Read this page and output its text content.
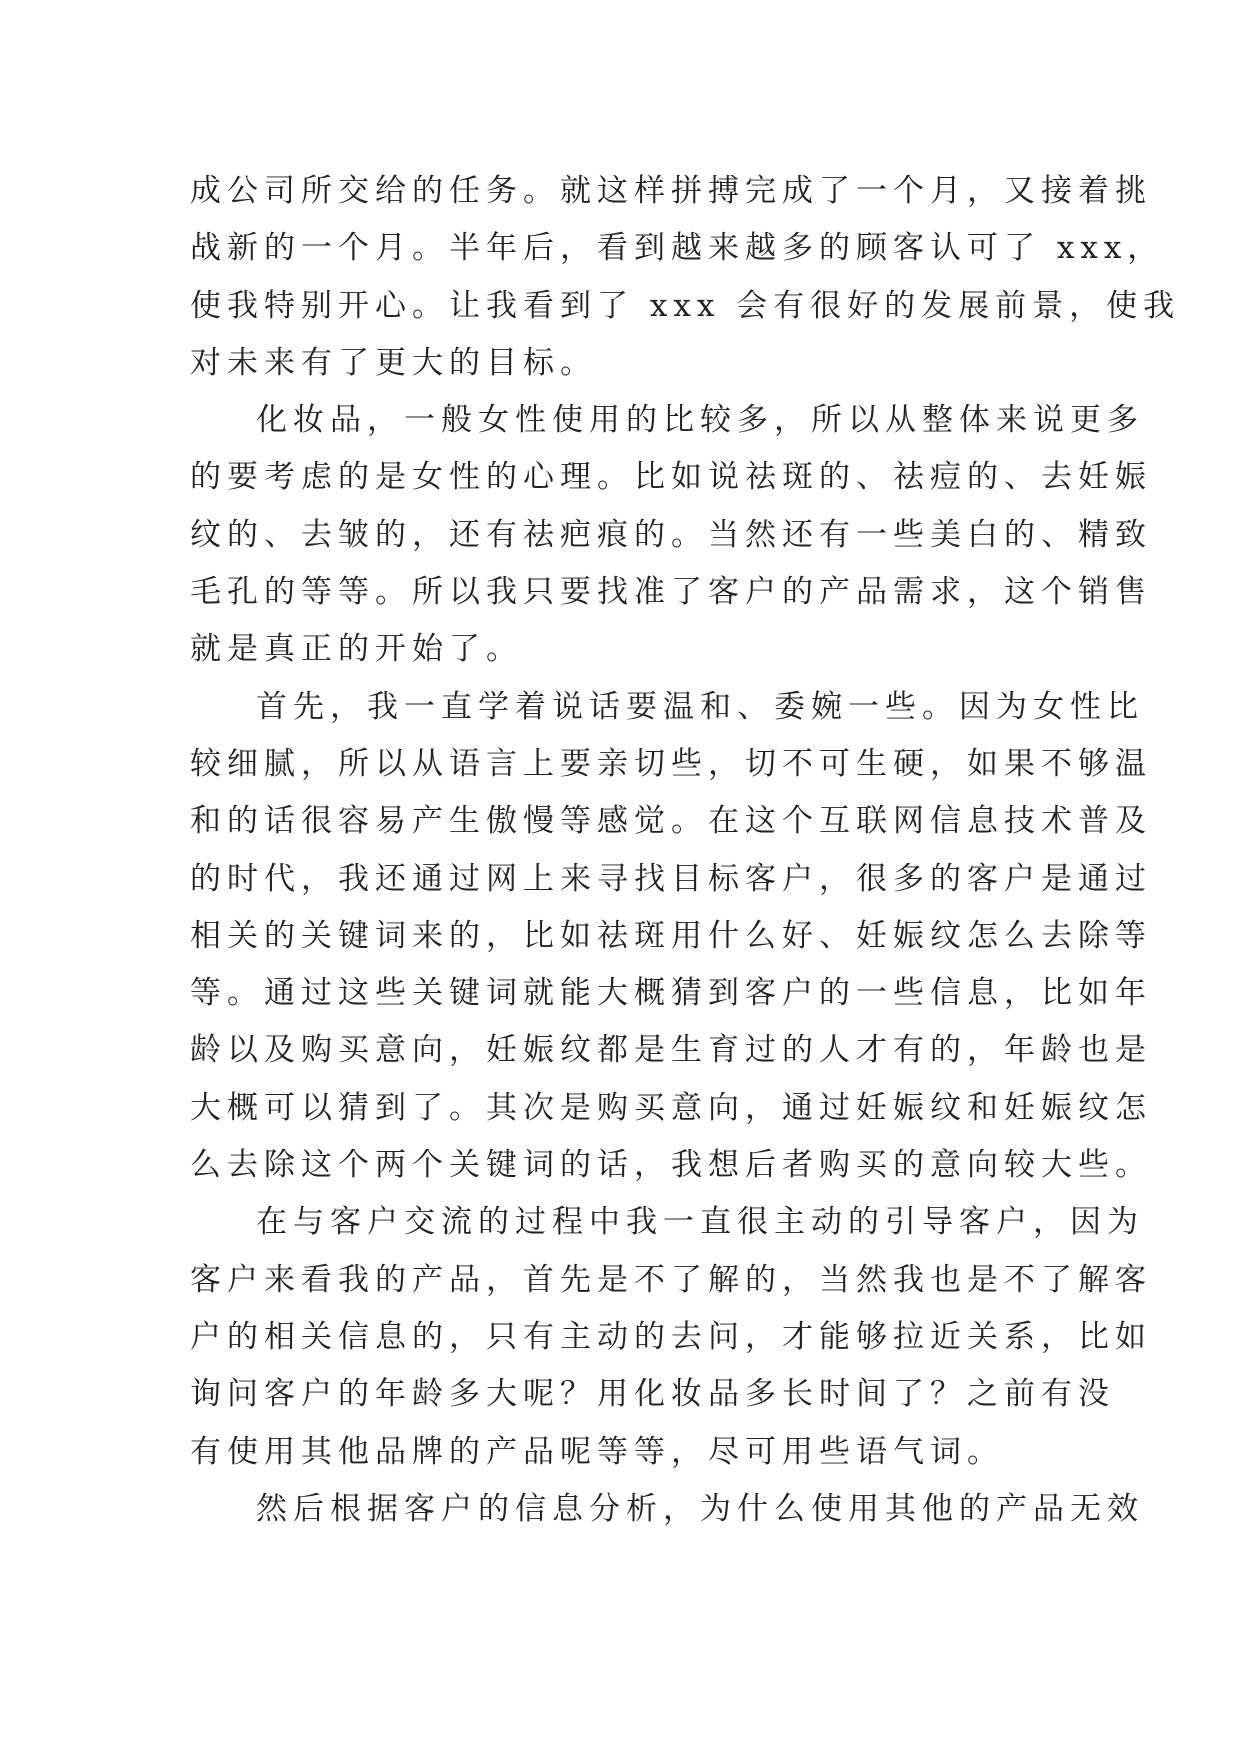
成公司所交给的任务。就这样拼搏完成了一个月，又接着挑
战新的一个月。半年后，看到越来越多的顾客认可了 xxx，
使我特别开心。让我看到了 xxx 会有很好的发展前景，使我
对未来有了更大的目标。
化妆品，一般女性使用的比较多，所以从整体来说更多
的要考虑的是女性的心理。比如说祛斑的、祛痘的、去妊娠
纹的、去皱的，还有祛疤痕的。当然还有一些美白的、精致
毛孔的等等。所以我只要找准了客户的产品需求，这个销售
就是真正的开始了。
首先，我一直学着说话要温和、委婉一些。因为女性比
较细腻，所以从语言上要亲切些，切不可生硬，如果不够温
和的话很容易产生傲慢等感觉。在这个互联网信息技术普及
的时代，我还通过网上来寻找目标客户，很多的客户是通过
相关的关键词来的，比如祛斑用什么好、妊娠纹怎么去除等
等。通过这些关键词就能大概猜到客户的一些信息，比如年
龄以及购买意向，妊娠纹都是生育过的人才有的，年龄也是
大概可以猜到了。其次是购买意向，通过妊娠纹和妊娠纹怎
么去除这个两个关键词的话，我想后者购买的意向较大些。
在与客户交流的过程中我一直很主动的引导客户，因为
客户来看我的产品，首先是不了解的，当然我也是不了解客
户的相关信息的，只有主动的去问，才能够拉近关系，比如
询问客户的年龄多大呢？用化妆品多长时间了？之前有没
有使用其他品牌的产品呢等等，尽可用些语气词。
然后根据客户的信息分析，为什么使用其他的产品无效
